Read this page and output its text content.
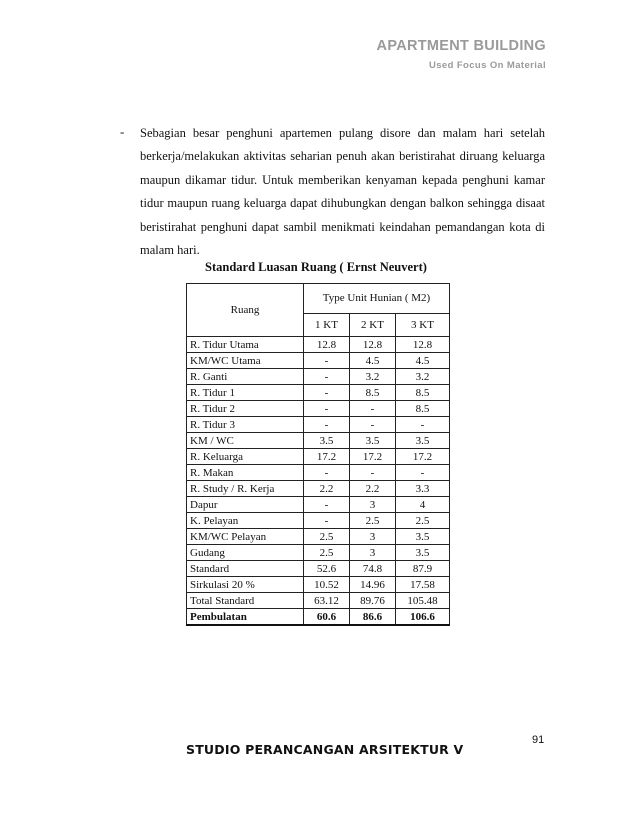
APARTMENT BUILDING
Used Focus On Material
- Sebagian besar penghuni apartemen pulang disore dan malam hari setelah
berkerja/melakukan aktivitas seharian penuh akan beristirahat diruang keluarga
maupun dikamar tidur. Untuk memberikan kenyaman kepada penghuni kamar
tidur maupun ruang keluarga dapat dihubungkan dengan balkon sehingga disaat
beristirahat penghuni dapat sambil menikmati keindahan pemandangan kota di
malam hari.
Standard Luasan Ruang ( Ernst Neuvert)
Ruang	Type Unit Hunian ( M2)		
	1 KT	2 KT	3 KT
R. Tidur Utama	12.8	12.8	12.8
KM/WC Utama	-	4.5	4.5
R. Ganti	-	3.2	3.2
R. Tidur 1	-	8.5	8.5
R. Tidur 2	-	-	8.5
R. Tidur 3	-	-	-
KM / WC	3.5	3.5	3.5
R. Keluarga	17.2	17.2	17.2
R. Makan	-	-	-
R. Study / R. Kerja	2.2	2.2	3.3
Dapur	-	3	4
K. Pelayan	-	2.5	2.5
KM/WC Pelayan	2.5	3	3.5
Gudang	2.5	3	3.5
Standard	52.6	74.8	87.9
Sirkulasi 20 %	10.52	14.96	17.58
Total Standard	63.12	89.76	105.48
Pembulatan	60.6	86.6	106.6
91
STUDIO PERANCANGAN ARSITEKTUR V
